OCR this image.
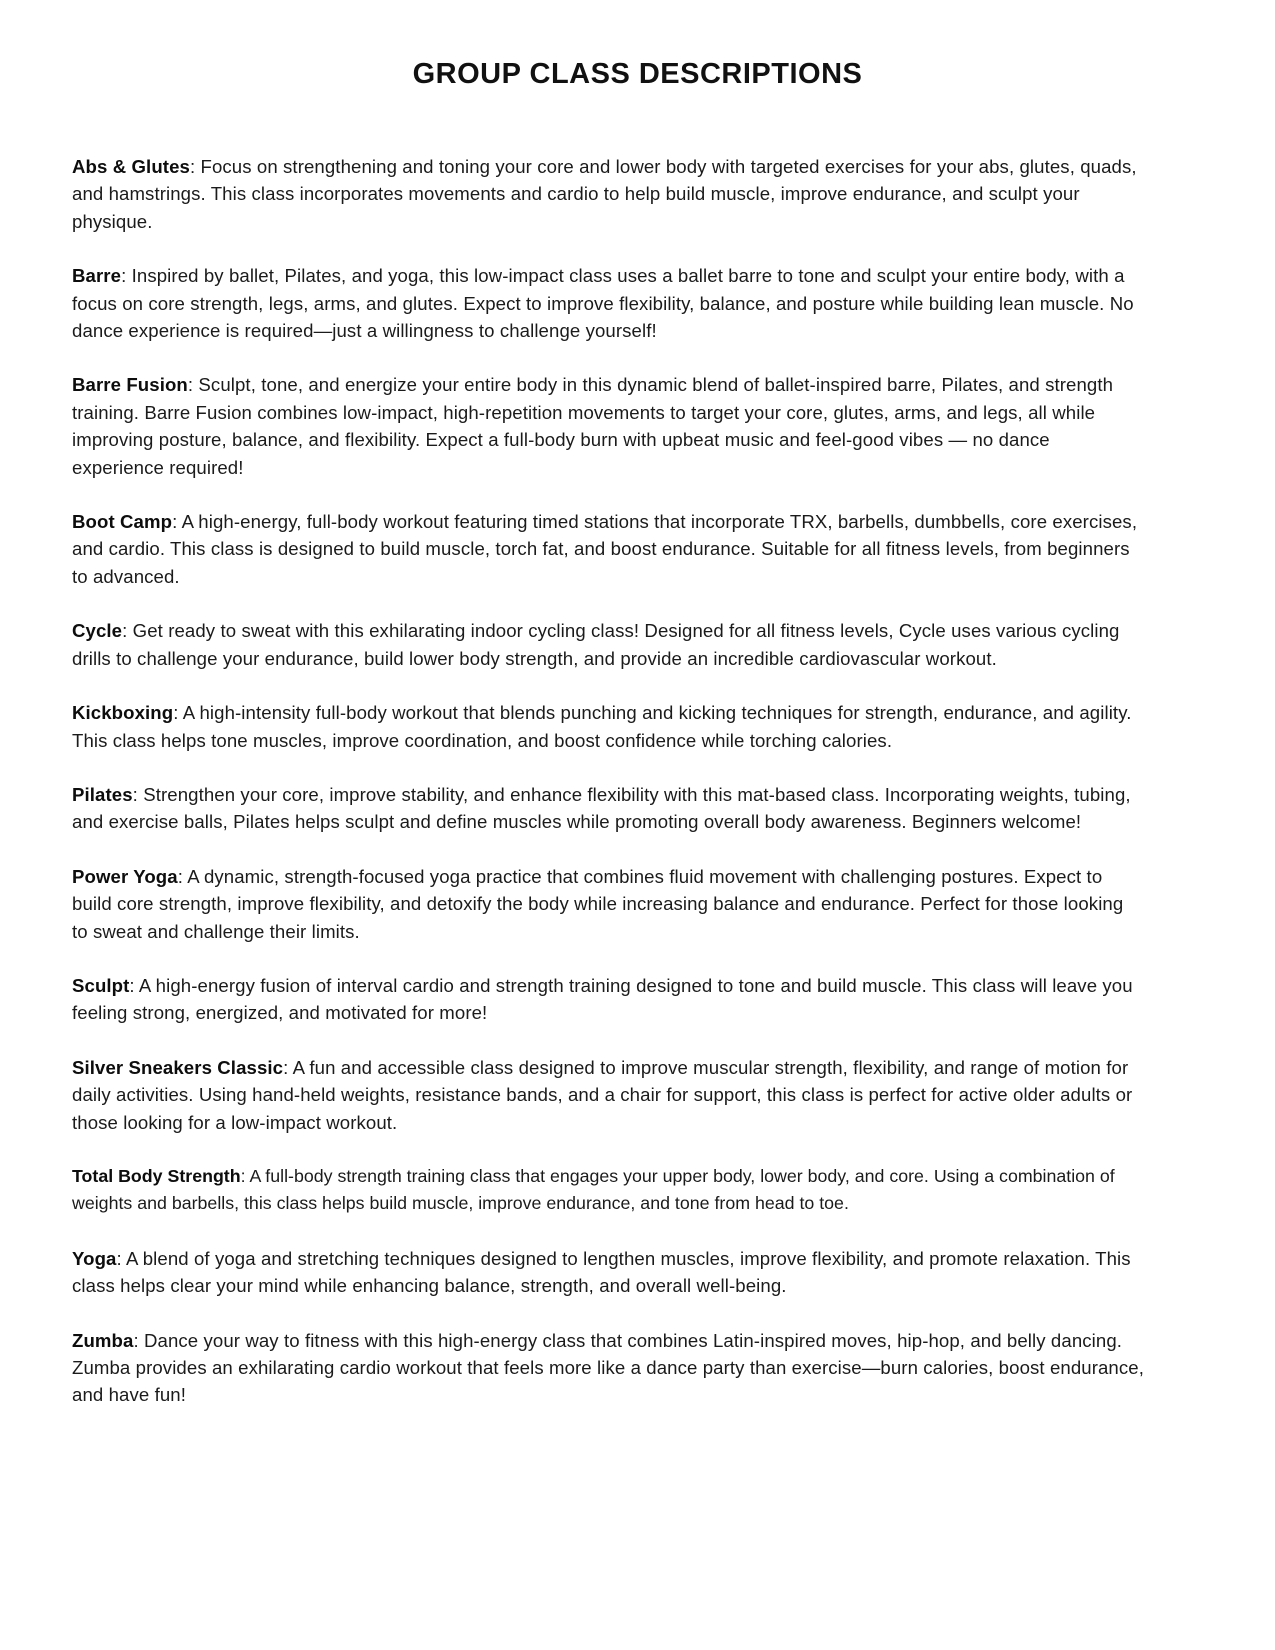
GROUP CLASS DESCRIPTIONS

Abs & Glutes: Focus on strengthening and toning your core and lower body with targeted exercises for your abs, glutes, quads, and hamstrings. This class incorporates movements and cardio to help build muscle, improve endurance, and sculpt your physique.

Barre: Inspired by ballet, Pilates, and yoga, this low-impact class uses a ballet barre to tone and sculpt your entire body, with a focus on core strength, legs, arms, and glutes. Expect to improve flexibility, balance, and posture while building lean muscle. No dance experience is required—just a willingness to challenge yourself!

Barre Fusion: Sculpt, tone, and energize your entire body in this dynamic blend of ballet-inspired barre, Pilates, and strength training. Barre Fusion combines low-impact, high-repetition movements to target your core, glutes, arms, and legs, all while improving posture, balance, and flexibility. Expect a full-body burn with upbeat music and feel-good vibes — no dance experience required!

Boot Camp: A high-energy, full-body workout featuring timed stations that incorporate TRX, barbells, dumbbells, core exercises, and cardio. This class is designed to build muscle, torch fat, and boost endurance. Suitable for all fitness levels, from beginners to advanced.

Cycle: Get ready to sweat with this exhilarating indoor cycling class! Designed for all fitness levels, Cycle uses various cycling drills to challenge your endurance, build lower body strength, and provide an incredible cardiovascular workout.

Kickboxing: A high-intensity full-body workout that blends punching and kicking techniques for strength, endurance, and agility. This class helps tone muscles, improve coordination, and boost confidence while torching calories.

Pilates: Strengthen your core, improve stability, and enhance flexibility with this mat-based class. Incorporating weights, tubing, and exercise balls, Pilates helps sculpt and define muscles while promoting overall body awareness. Beginners welcome!

Power Yoga: A dynamic, strength-focused yoga practice that combines fluid movement with challenging postures. Expect to build core strength, improve flexibility, and detoxify the body while increasing balance and endurance. Perfect for those looking to sweat and challenge their limits.

Sculpt: A high-energy fusion of interval cardio and strength training designed to tone and build muscle. This class will leave you feeling strong, energized, and motivated for more!

Silver Sneakers Classic: A fun and accessible class designed to improve muscular strength, flexibility, and range of motion for daily activities. Using hand-held weights, resistance bands, and a chair for support, this class is perfect for active older adults or those looking for a low-impact workout.

Total Body Strength: A full-body strength training class that engages your upper body, lower body, and core. Using a combination of weights and barbells, this class helps build muscle, improve endurance, and tone from head to toe.

Yoga: A blend of yoga and stretching techniques designed to lengthen muscles, improve flexibility, and promote relaxation. This class helps clear your mind while enhancing balance, strength, and overall well-being.

Zumba: Dance your way to fitness with this high-energy class that combines Latin-inspired moves, hip-hop, and belly dancing. Zumba provides an exhilarating cardio workout that feels more like a dance party than exercise—burn calories, boost endurance, and have fun!
